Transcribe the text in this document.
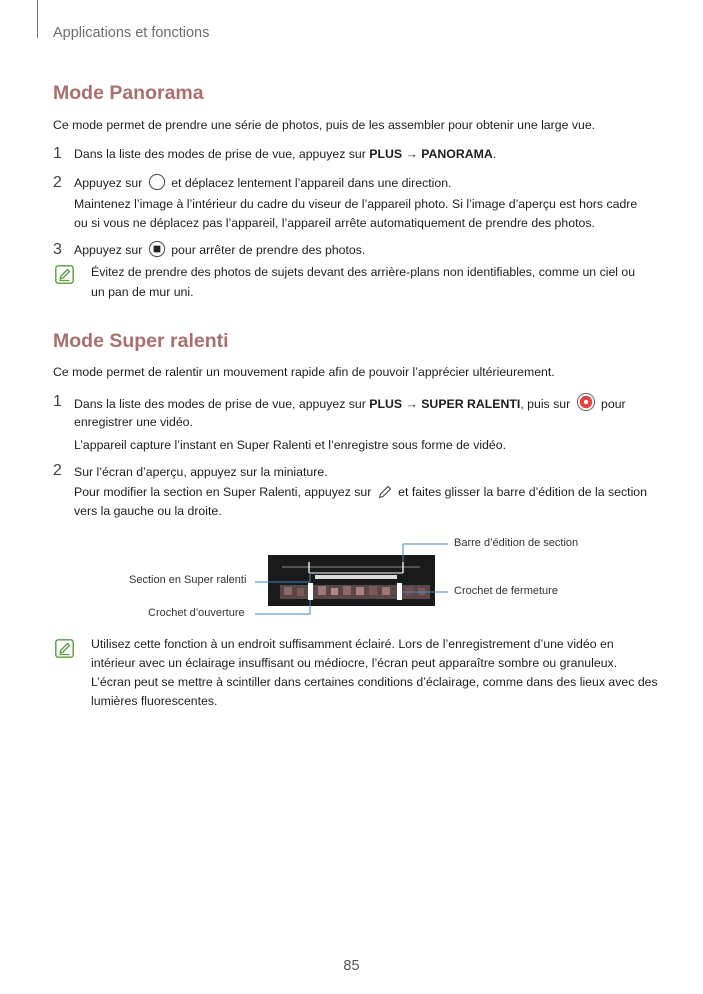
Applications et fonctions
Mode Panorama
Ce mode permet de prendre une série de photos, puis de les assembler pour obtenir une large vue.
1 Dans la liste des modes de prise de vue, appuyez sur PLUS → PANORAMA.
2 Appuyez sur  et déplacez lentement l’appareil dans une direction.
Maintenez l’image à l’intérieur du cadre du viseur de l’appareil photo. Si l’image d’aperçu est hors cadre
ou si vous ne déplacez pas l’appareil, l’appareil arrête automatiquement de prendre des photos.
3 Appuyez sur  pour arrêter de prendre des photos.
Évitez de prendre des photos de sujets devant des arrière-plans non identifiables, comme un ciel ou
un pan de mur uni.
Mode Super ralenti
Ce mode permet de ralentir un mouvement rapide afin de pouvoir l’apprécier ultérieurement.
1 Dans la liste des modes de prise de vue, appuyez sur PLUS → SUPER RALENTI, puis sur  pour
enregistrer une vidéo.
L’appareil capture l’instant en Super Ralenti et l’enregistre sous forme de vidéo.
2 Sur l’écran d’aperçu, appuyez sur la miniature.
Pour modifier la section en Super Ralenti, appuyez sur  et faites glisser la barre d’édition de la section
vers la gauche ou la droite.
Barre d’édition de section
Section en Super ralenti
Crochet de fermeture
Crochet d’ouverture
Utilisez cette fonction à un endroit suffisamment éclairé. Lors de l’enregistrement d’une vidéo en
intérieur avec un éclairage insuffisant ou médiocre, l’écran peut apparaître sombre ou granuleux.
L’écran peut se mettre à scintiller dans certaines conditions d’éclairage, comme dans des lieux avec des
lumières fluorescentes.
85
